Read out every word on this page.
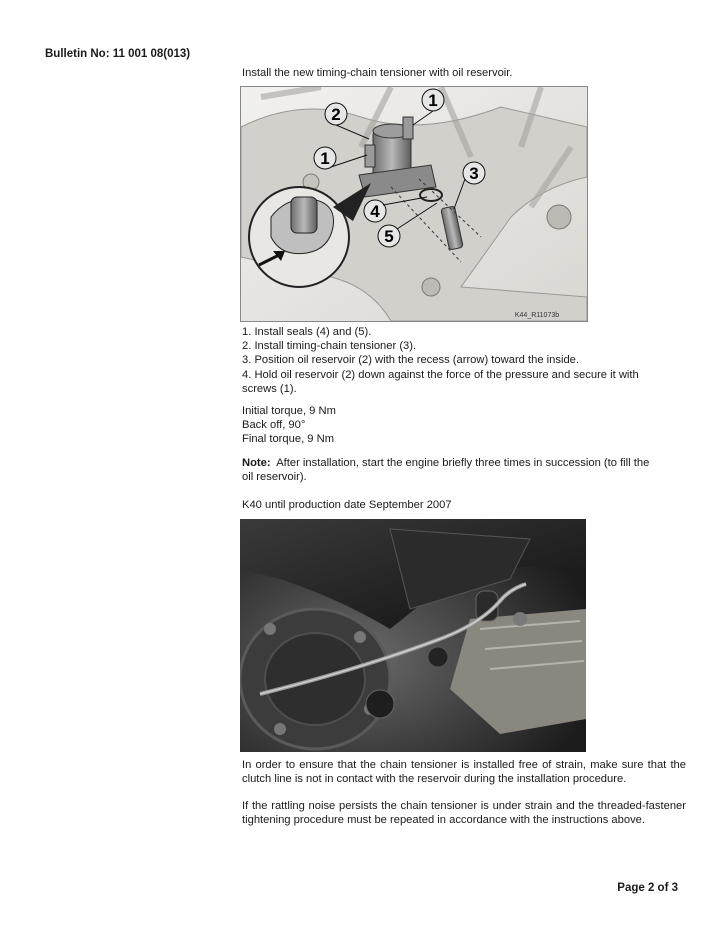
Bulletin No: 11 001 08(013)

Install the new timing-chain tensioner with oil reservoir.

1
2
1
3
4
5
K44_R11073b
1. Install seals (4) and (5).
2. Install timing-chain tensioner (3).
3. Position oil reservoir (2) with the recess (arrow) toward the inside.
4. Hold oil reservoir (2) down against the force of the pressure and secure it with
screws (1).
Initial torque, 9 Nm
Back off, 90°
Final torque, 9 Nm
Note: After installation, start the engine briefly three times in succession (to fill the
oil reservoir).

K40 until production date September 2007

In order to ensure that the chain tensioner is installed free of strain, make sure that the clutch line is not in contact with the reservoir during the installation procedure.

If the rattling noise persists the chain tensioner is under strain and the threaded-fastener tightening procedure must be repeated in accordance with the instructions above.

Page 2 of 3
